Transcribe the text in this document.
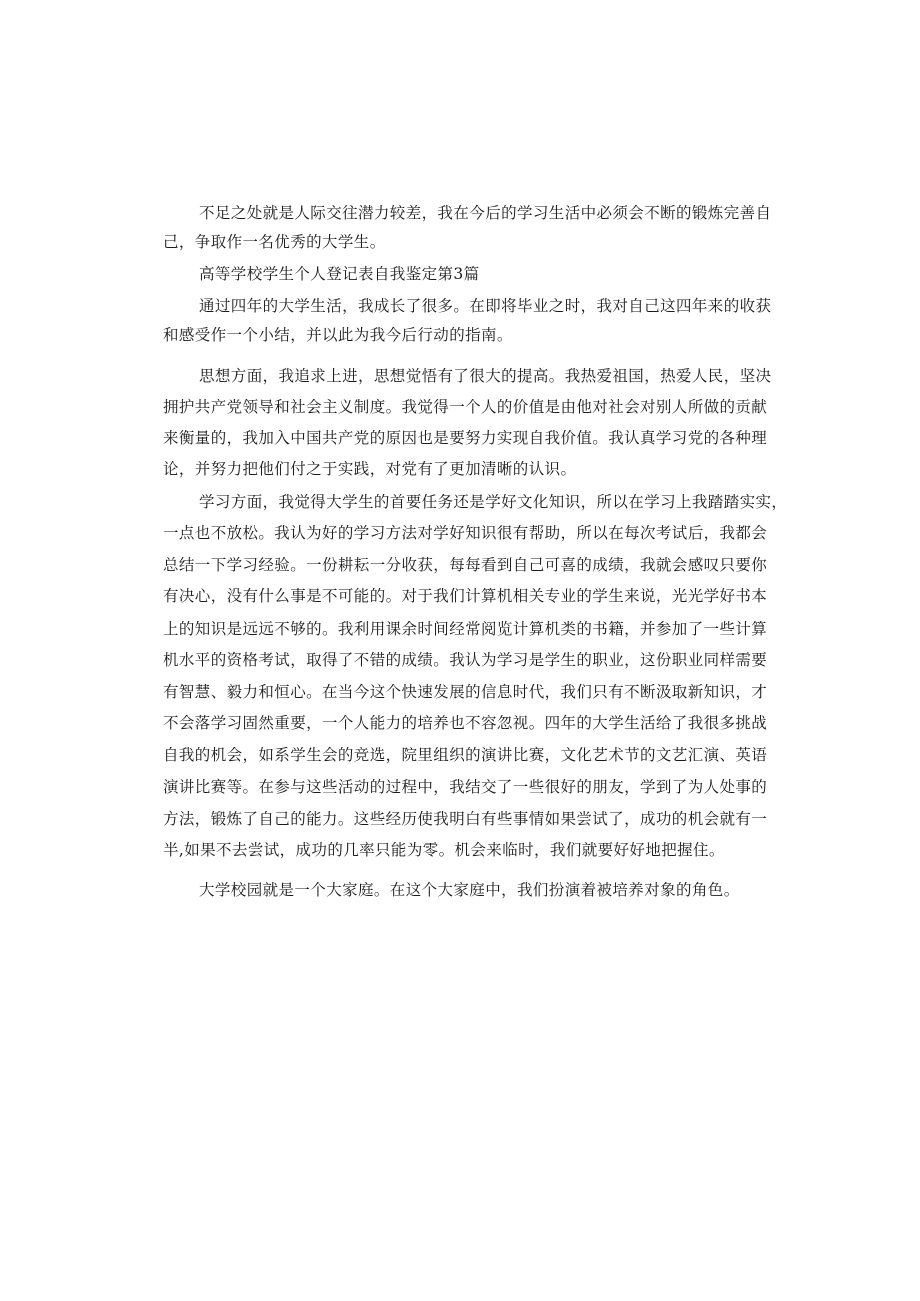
不足之处就是人际交往潜力较差，我在今后的学习生活中必须会不断的锻炼完善自
己，争取作一名优秀的大学生。
高等学校学生个人登记表自我鉴定第3篇
通过四年的大学生活，我成长了很多。在即将毕业之时，我对自己这四年来的收获
和感受作一个小结，并以此为我今后行动的指南。
思想方面，我追求上进，思想觉悟有了很大的提高。我热爱祖国，热爱人民，坚决
拥护共产党领导和社会主义制度。我觉得一个人的价值是由他对社会对别人所做的贡献
来衡量的，我加入中国共产党的原因也是要努力实现自我价值。我认真学习党的各种理
论，并努力把他们付之于实践，对党有了更加清晰的认识。
学习方面，我觉得大学生的首要任务还是学好文化知识，所以在学习上我踏踏实实，
一点也不放松。我认为好的学习方法对学好知识很有帮助，所以在每次考试后，我都会
总结一下学习经验。一份耕耘一分收获，每每看到自己可喜的成绩，我就会感叹只要你
有决心，没有什么事是不可能的。对于我们计算机相关专业的学生来说，光光学好书本
上的知识是远远不够的。我利用课余时间经常阅览计算机类的书籍，并参加了一些计算
机水平的资格考试，取得了不错的成绩。我认为学习是学生的职业，这份职业同样需要
有智慧、毅力和恒心。在当今这个快速发展的信息时代，我们只有不断汲取新知识，才
不会落学习固然重要，一个人能力的培养也不容忽视。四年的大学生活给了我很多挑战
自我的机会，如系学生会的竞选，院里组织的演讲比赛，文化艺术节的文艺汇演、英语
演讲比赛等。在参与这些活动的过程中，我结交了一些很好的朋友，学到了为人处事的
方法，锻炼了自己的能力。这些经历使我明白有些事情如果尝试了，成功的机会就有一
半,如果不去尝试，成功的几率只能为零。机会来临时，我们就要好好地把握住。
大学校园就是一个大家庭。在这个大家庭中，我们扮演着被培养对象的角色。
